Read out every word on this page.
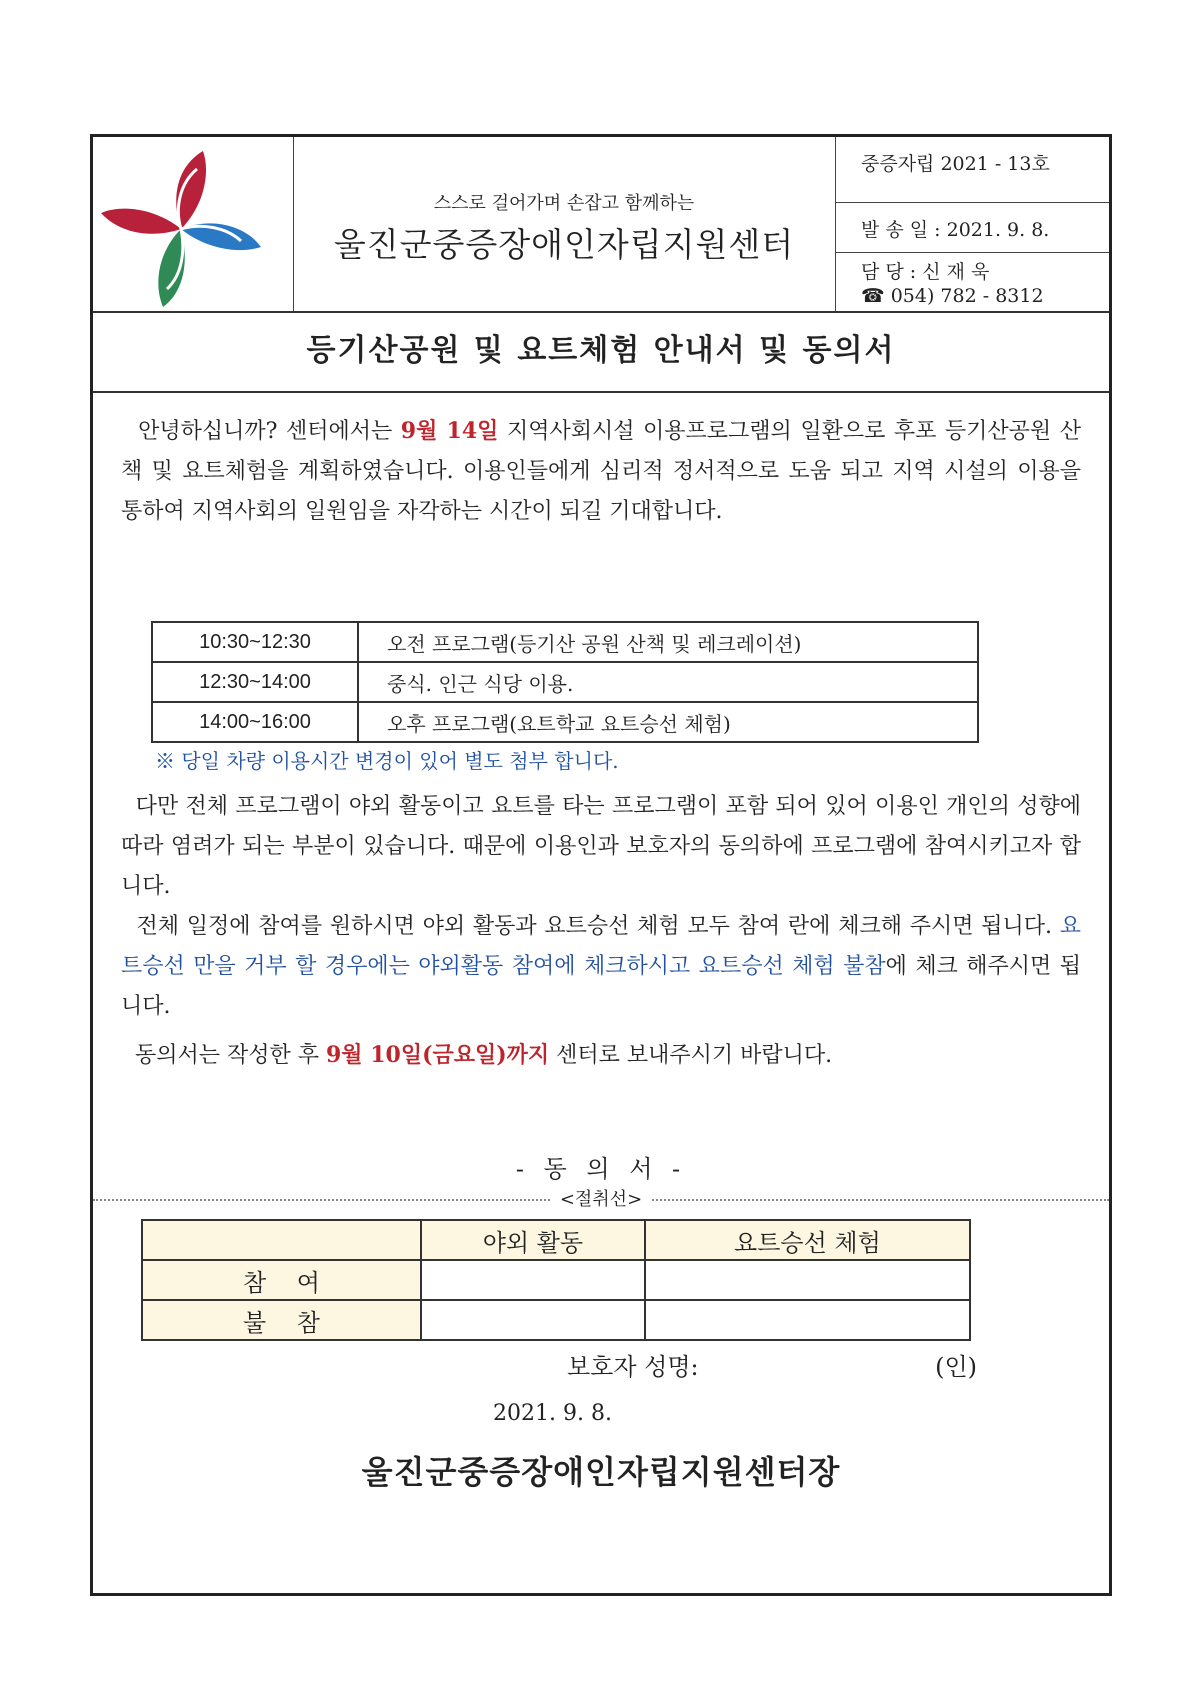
스스로 걸어가며 손잡고 함께하는
울진군중증장애인자립지원센터
중증자립 2021 - 13호
발 송 일 : 2021. 9. 8.
담 당 : 신 재 욱
☎ 054) 782 - 8312
등기산공원 및 요트체험 안내서 및 동의서
안녕하십니까? 센터에서는 9월 14일 지역사회시설 이용프로그램의 일환으로 후포 등기산공원 산책 및 요트체험을 계획하였습니다. 이용인들에게 심리적 정서적으로 도움 되고 지역 시설의 이용을 통하여 지역사회의 일원임을 자각하는 시간이 되길 기대합니다.
10:30~12:30	오전 프로그램(등기산 공원 산책 및 레크레이션)
12:30~14:00	중식. 인근 식당 이용.
14:00~16:00	오후 프로그램(요트학교 요트승선 체험)
※ 당일 차량 이용시간 변경이 있어 별도 첨부 합니다.
다만 전체 프로그램이 야외 활동이고 요트를 타는 프로그램이 포함 되어 있어 이용인 개인의 성향에 따라 염려가 되는 부분이 있습니다. 때문에 이용인과 보호자의 동의하에 프로그램에 참여시키고자 합니다.
전체 일정에 참여를 원하시면 야외 활동과 요트승선 체험 모두 참여 란에 체크해 주시면 됩니다. 요트승선 만을 거부 할 경우에는 야외활동 참여에 체크하시고 요트승선 체험 불참에 체크 해주시면 됩니다.
동의서는 작성한 후 9월 10일(금요일)까지 센터로 보내주시기 바랍니다.
- 동 의 서 -
<절취선>
	야외 활동	요트승선 체험
참    여		
불    참		
보호자 성명:	(인)
2021. 9. 8.
울진군중증장애인자립지원센터장
